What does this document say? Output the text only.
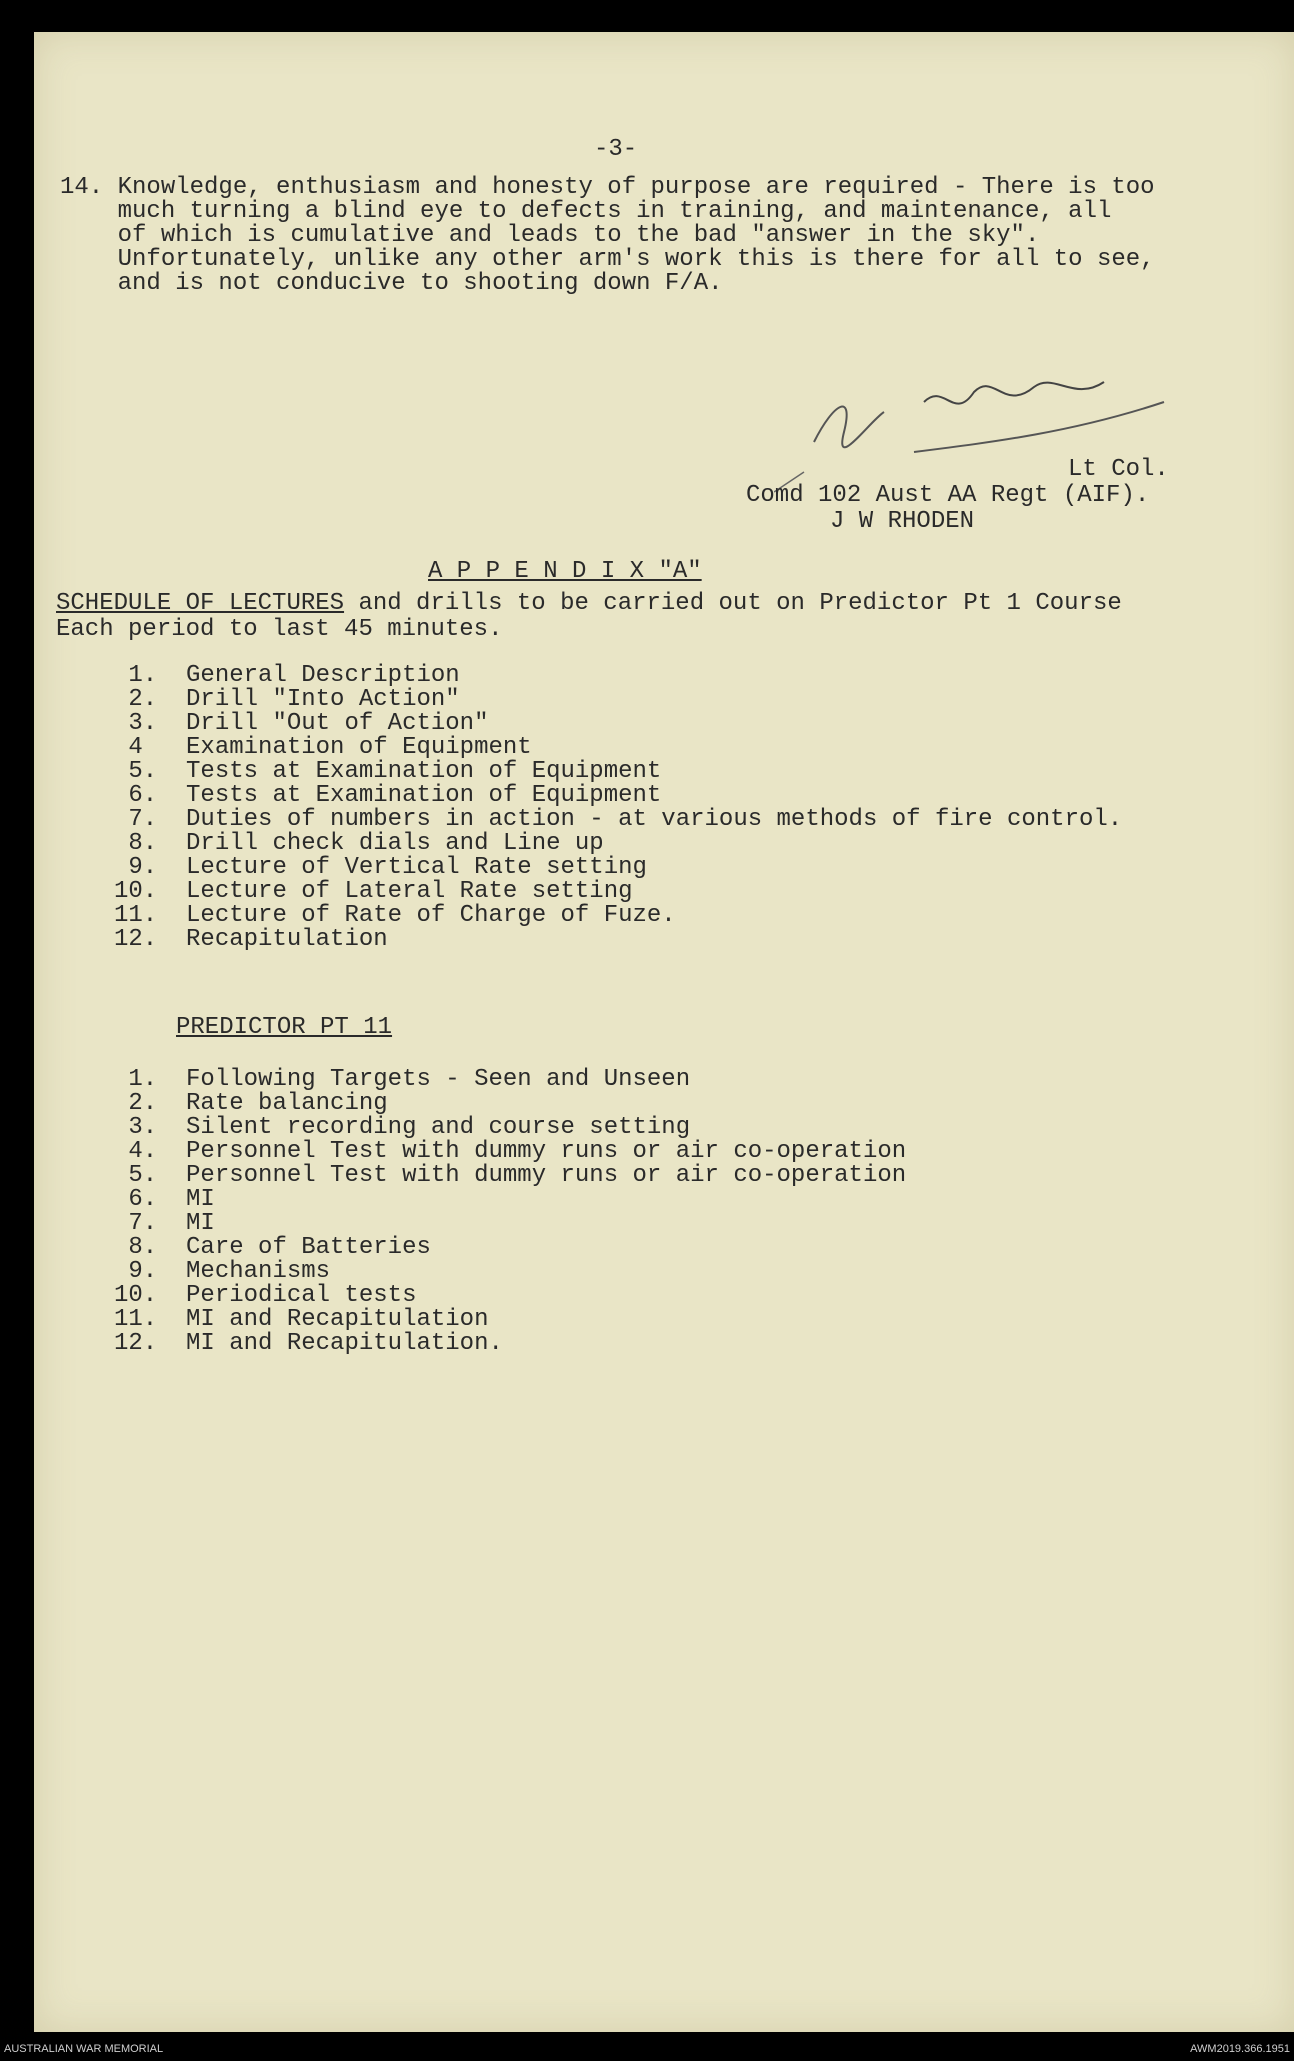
-3-
14. Knowledge, enthusiasm and honesty of purpose are required - There is too
much turning a blind eye to defects in training, and maintenance, all
of which is cumulative and leads to the bad "answer in the sky".
Unfortunately, unlike any other arm's work this is there for all to see,
and is not conducive to shooting down F/A.
Lt Col.
Comd 102 Aust AA Regt (AIF).
J W RHODEN
A P P E N D I X "A"
SCHEDULE OF LECTURES and drills to be carried out on Predictor Pt 1 Course
Each period to last 45 minutes.
1. General Description
2. Drill "Into Action"
3. Drill "Out of Action"
4   Examination of Equipment
5. Tests at Examination of Equipment
6. Tests at Examination of Equipment
7. Duties of numbers in action - at various methods of fire control.
8. Drill check dials and Line up
9. Lecture of Vertical Rate setting
10. Lecture of Lateral Rate setting
11. Lecture of Rate of Charge of Fuze.
12. Recapitulation
PREDICTOR PT 11
1. Following Targets - Seen and Unseen
2. Rate balancing
3. Silent recording and course setting
4. Personnel Test with dummy runs or air co-operation
5. Personnel Test with dummy runs or air co-operation
6. MI
7. MI
8. Care of Batteries
9. Mechanisms
10. Periodical tests
11. MI and Recapitulation
12. MI and Recapitulation.
AUSTRALIAN WAR MEMORIAL	AWM2019.366.1951
